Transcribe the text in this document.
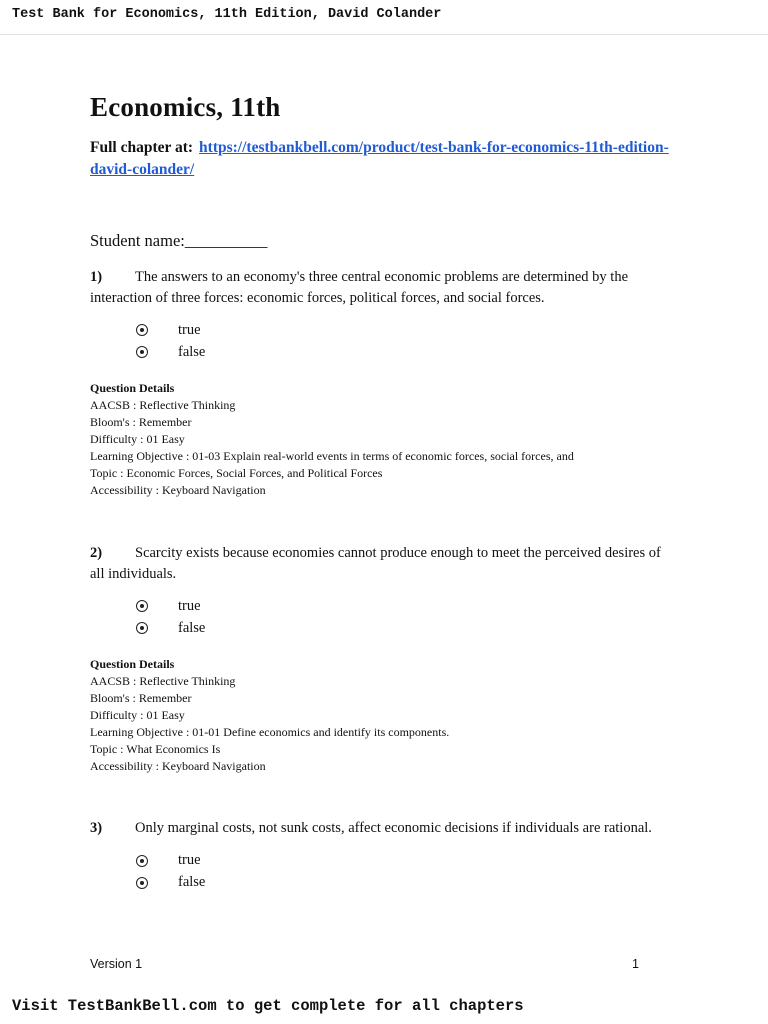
Test Bank for Economics, 11th Edition, David Colander
Economics, 11th
Full chapter at: https://testbankbell.com/product/test-bank-for-economics-11th-edition-david-colander/
Student name:__________
1) The answers to an economy's three central economic problems are determined by the interaction of three forces: economic forces, political forces, and social forces.
true
false
Question Details
AACSB : Reflective Thinking
Bloom's : Remember
Difficulty : 01 Easy
Learning Objective : 01-03 Explain real-world events in terms of economic forces, social forces, and
Topic : Economic Forces, Social Forces, and Political Forces
Accessibility : Keyboard Navigation
2) Scarcity exists because economies cannot produce enough to meet the perceived desires of all individuals.
true
false
Question Details
AACSB : Reflective Thinking
Bloom's : Remember
Difficulty : 01 Easy
Learning Objective : 01-01 Define economics and identify its components.
Topic : What Economics Is
Accessibility : Keyboard Navigation
3) Only marginal costs, not sunk costs, affect economic decisions if individuals are rational.
true
false
Version 1	1
Visit TestBankBell.com to get complete for all chapters
